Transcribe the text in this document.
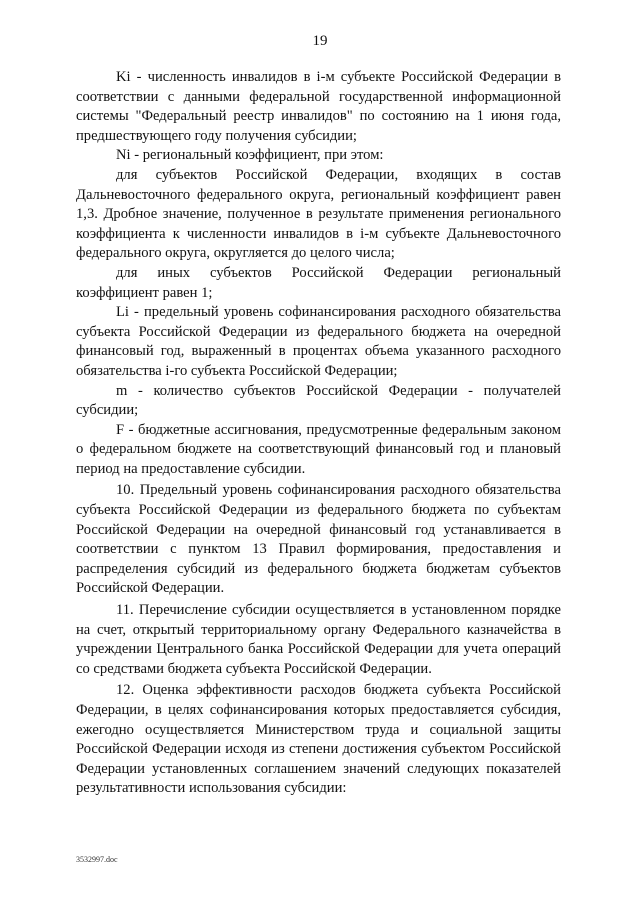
19

Ki - численность инвалидов в i-м субъекте Российской Федерации в соответствии с данными федеральной государственной информационной системы "Федеральный реестр инвалидов" по состоянию на 1 июня года, предшествующего году получения субсидии;

Ni - региональный коэффициент, при этом:

для субъектов Российской Федерации, входящих в состав Дальневосточного федерального округа, региональный коэффициент равен 1,3. Дробное значение, полученное в результате применения регионального коэффициента к численности инвалидов в i-м субъекте Дальневосточного федерального округа, округляется до целого числа;

для иных субъектов Российской Федерации региональный коэффициент равен 1;

Li - предельный уровень софинансирования расходного обязательства субъекта Российской Федерации из федерального бюджета на очередной финансовый год, выраженный в процентах объема указанного расходного обязательства i-го субъекта Российской Федерации;

m - количество субъектов Российской Федерации - получателей субсидии;

F - бюджетные ассигнования, предусмотренные федеральным законом о федеральном бюджете на соответствующий финансовый год и плановый период на предоставление субсидии.

10. Предельный уровень софинансирования расходного обязательства субъекта Российской Федерации из федерального бюджета по субъектам Российской Федерации на очередной финансовый год устанавливается в соответствии с пунктом 13 Правил формирования, предоставления и распределения субсидий из федерального бюджета бюджетам субъектов Российской Федерации.

11. Перечисление субсидии осуществляется в установленном порядке на счет, открытый территориальному органу Федерального казначейства в учреждении Центрального банка Российской Федерации для учета операций со средствами бюджета субъекта Российской Федерации.

12. Оценка эффективности расходов бюджета субъекта Российской Федерации, в целях софинансирования которых предоставляется субсидия, ежегодно осуществляется Министерством труда и социальной защиты Российской Федерации исходя из степени достижения субъектом Российской Федерации установленных соглашением значений следующих показателей результативности использования субсидии:

3532997.doc
